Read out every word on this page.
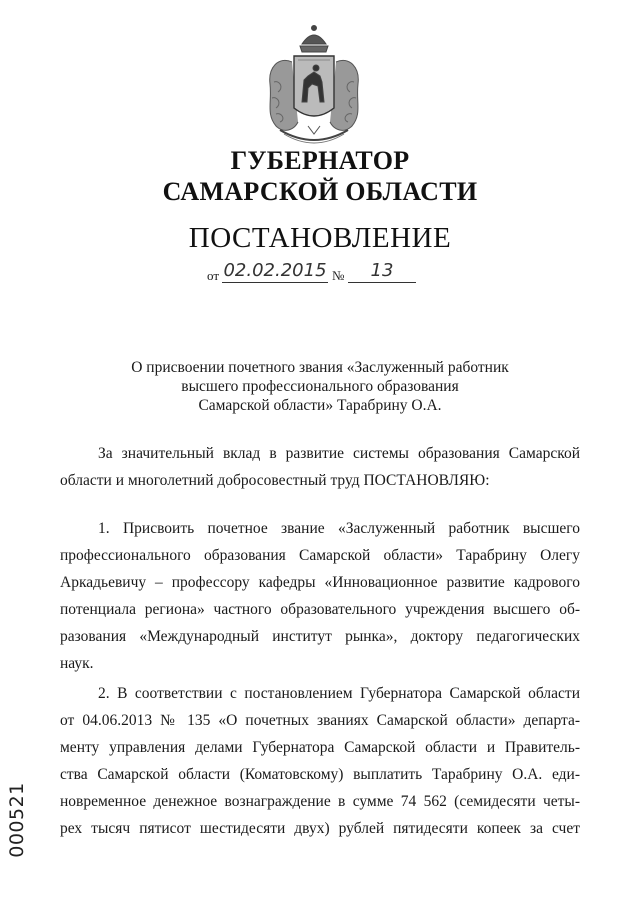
ГУБЕРНАТОР
САМАРСКОЙ ОБЛАСТИ
ПОСТАНОВЛЕНИЕ
от 02.02.2015 №	13
О присвоении почетного звания «Заслуженный работник
высшего профессионального образования
Самарской области» Тарабрину О.А.
За значительный вклад в развитие системы образования Самарской
области и многолетний добросовестный труд ПОСТАНОВЛЯЮ:
1. Присвоить почетное звание «Заслуженный работник высшего
профессионального образования Самарской области» Тарабрину Олегу
Аркадьевичу – профессору кафедры «Инновационное развитие кадрового
потенциала региона» частного образовательного учреждения высшего об-
разования «Международный институт рынка», доктору педагогических
наук.
2. В соответствии с постановлением Губернатора Самарской области
от 04.06.2013 № 135 «О почетных званиях Самарской области» департа-
менту управления делами Губернатора Самарской области и Правитель-
ства Самарской области (Коматовскому) выплатить Тарабрину О.А. еди-
новременное денежное вознаграждение в сумме 74 562 (семидесяти четы-
рех тысяч пятисот шестидесяти двух) рублей пятидесяти копеек за счет
000521
